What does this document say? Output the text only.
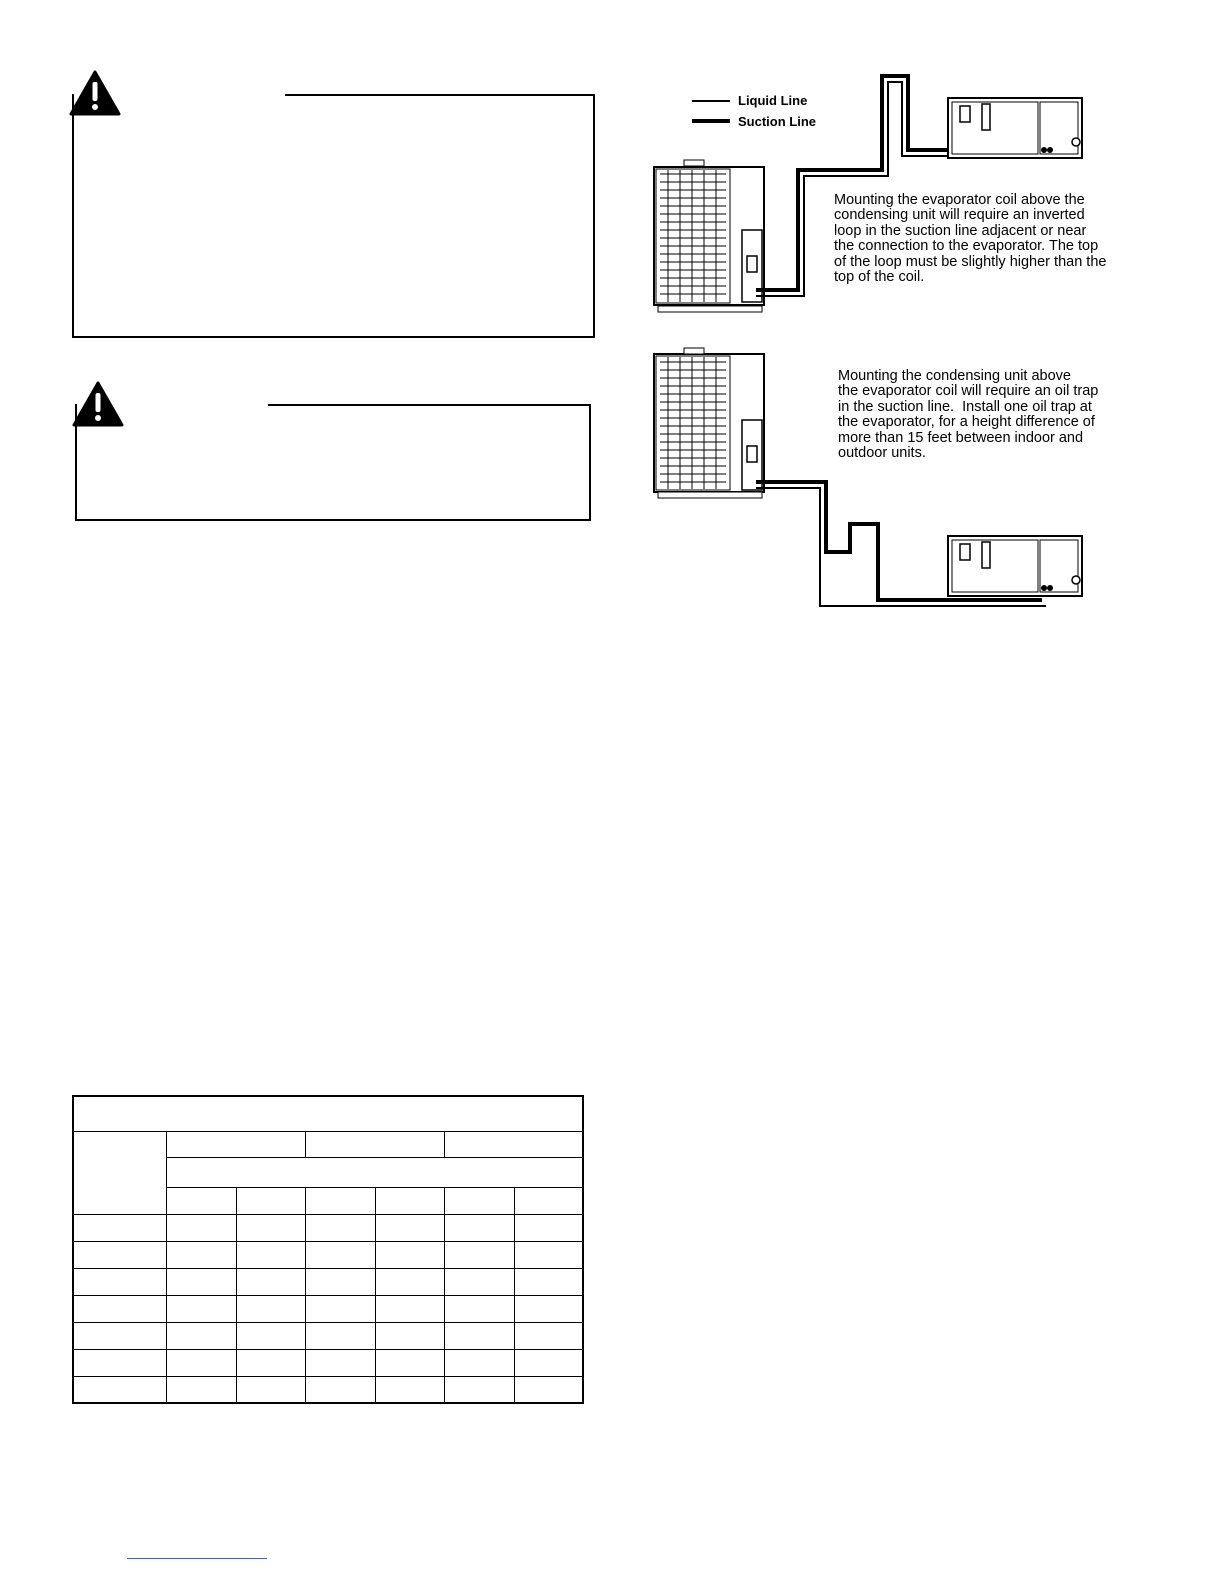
Liquid Line
Suction Line
Mounting the evaporator coil above the
condensing unit will require an inverted
loop in the suction line adjacent or near
the connection to the evaporator. The top
of the loop must be slightly higher than the
top of the coil.
Mounting the condensing unit above
the evaporator coil will require an oil trap
in the suction line.  Install one oil trap at
the evaporator, for a height difference of
more than 15 feet between indoor and
outdoor units.
